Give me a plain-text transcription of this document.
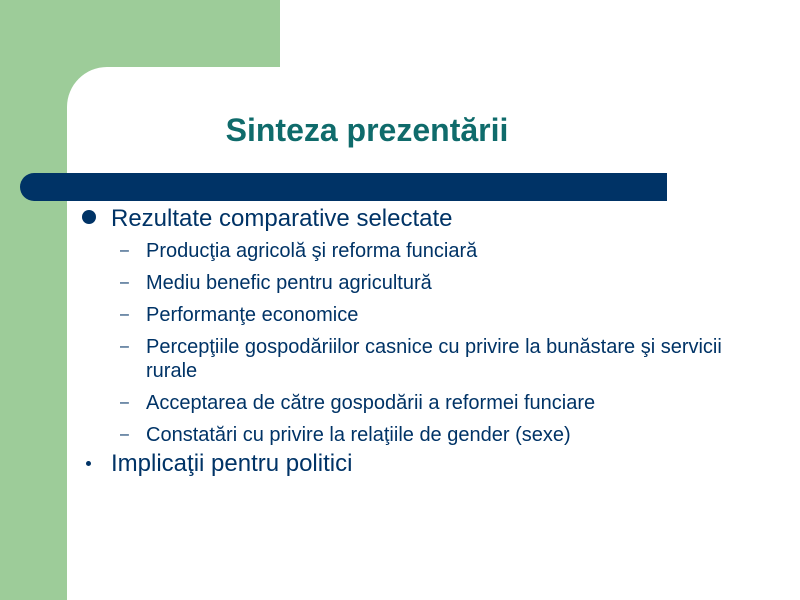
Sinteza prezentării

Rezultate comparative selectate

– Producţia agricolă şi reforma funciară

– Mediu benefic pentru agricultură

– Performanţe economice

– Percepţiile gospodăriilor casnice cu privire la bunăstare şi servicii rurale

– Acceptarea de către gospodării a reformei funciare

– Constatări cu privire la relaţiile de gender (sexe)

Implicaţii pentru politici
